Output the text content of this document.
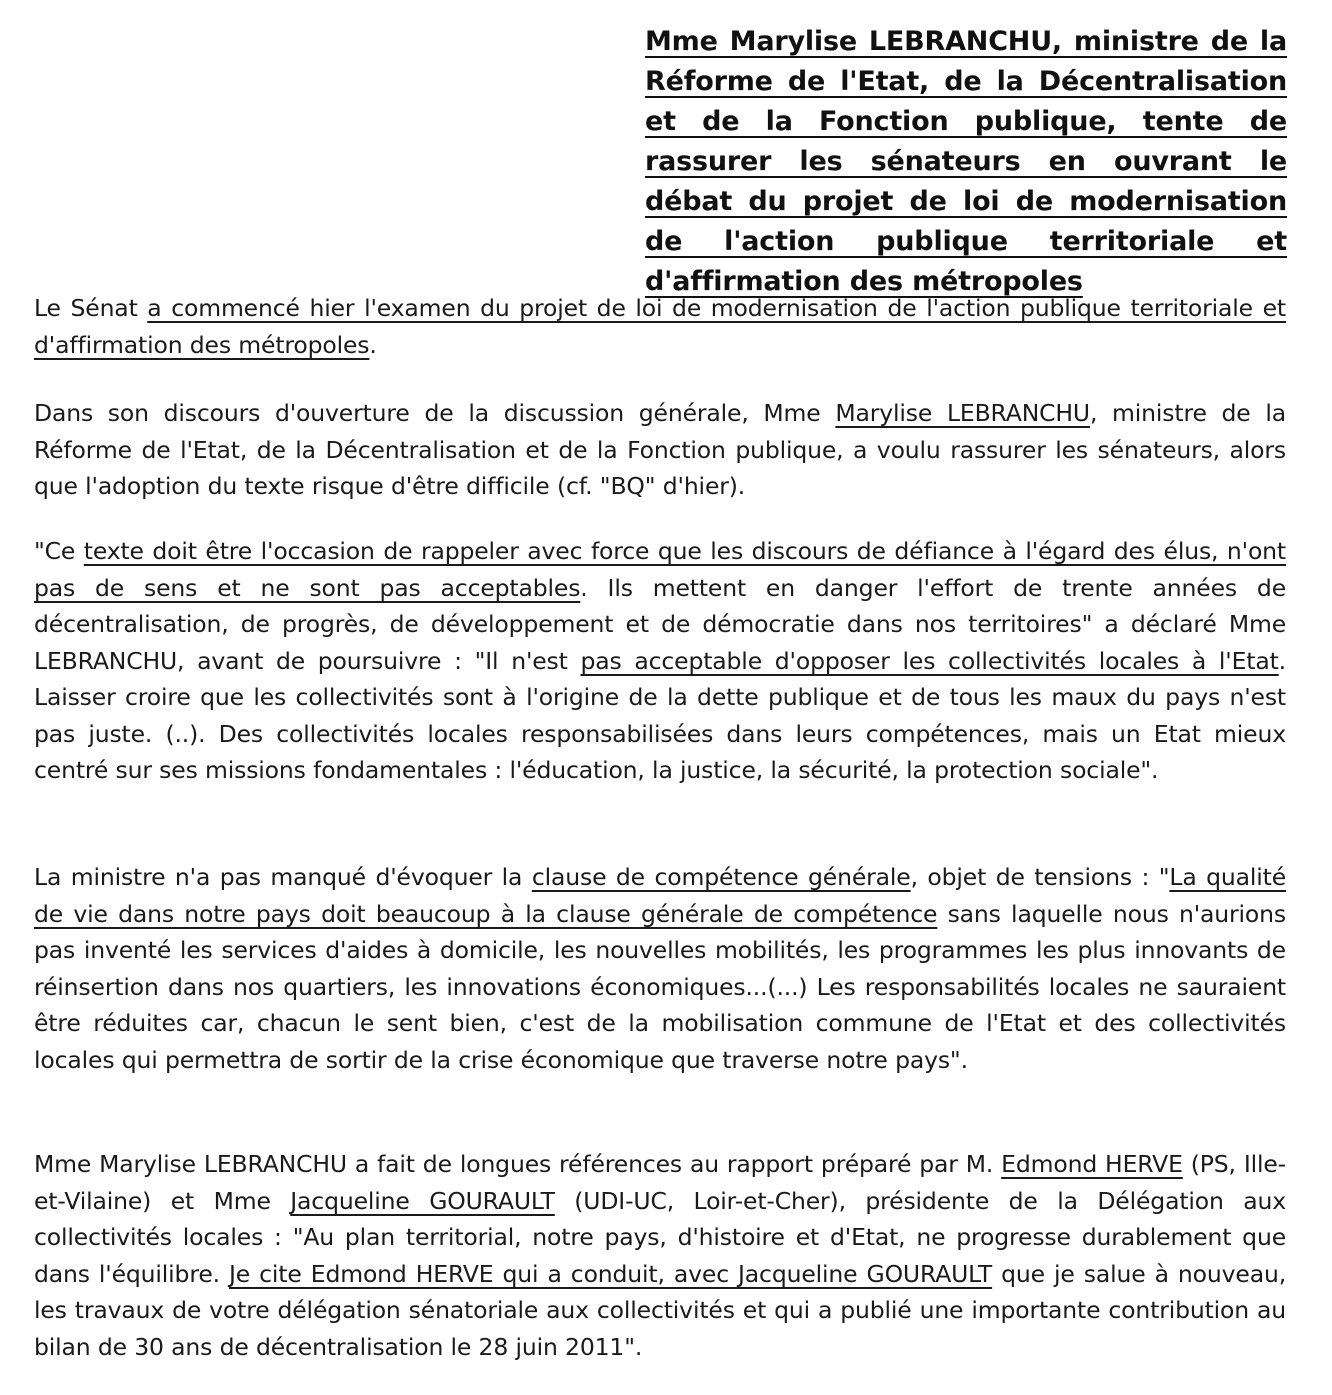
Mme Marylise LEBRANCHU, ministre de la Réforme de l'Etat, de la Décentralisation et de la Fonction publique, tente de rassurer les sénateurs en ouvrant le débat du projet de loi de modernisation de l'action publique territoriale et d'affirmation des métropoles

Le Sénat a commencé hier l'examen du projet de loi de modernisation de l'action publique territoriale et d'affirmation des métropoles.

Dans son discours d'ouverture de la discussion générale, Mme Marylise LEBRANCHU, ministre de la Réforme de l'Etat, de la Décentralisation et de la Fonction publique, a voulu rassurer les sénateurs, alors que l'adoption du texte risque d'être difficile (cf. "BQ" d'hier).

"Ce texte doit être l'occasion de rappeler avec force que les discours de défiance à l'égard des élus, n'ont pas de sens et ne sont pas acceptables. Ils mettent en danger l'effort de trente années de décentralisation, de progrès, de développement et de démocratie dans nos territoires" a déclaré Mme LEBRANCHU, avant de poursuivre : "Il n'est pas acceptable d'opposer les collectivités locales à l'Etat. Laisser croire que les collectivités sont à l'origine de la dette publique et de tous les maux du pays n'est pas juste. (..). Des collectivités locales responsabilisées dans leurs compétences, mais un Etat mieux centré sur ses missions fondamentales : l'éducation, la justice, la sécurité, la protection sociale".

La ministre n'a pas manqué d'évoquer la clause de compétence générale, objet de tensions : "La qualité de vie dans notre pays doit beaucoup à la clause générale de compétence sans laquelle nous n'aurions pas inventé les services d'aides à domicile, les nouvelles mobilités, les programmes les plus innovants de réinsertion dans nos quartiers, les innovations économiques...(...) Les responsabilités locales ne sauraient être réduites car, chacun le sent bien, c'est de la mobilisation commune de l'Etat et des collectivités locales qui permettra de sortir de la crise économique que traverse notre pays".

Mme Marylise LEBRANCHU a fait de longues références au rapport préparé par M. Edmond HERVE (PS, Ille-et-Vilaine) et Mme Jacqueline GOURAULT (UDI-UC, Loir-et-Cher), présidente de la Délégation aux collectivités locales : "Au plan territorial, notre pays, d'histoire et d'Etat, ne progresse durablement que dans l'équilibre. Je cite Edmond HERVE qui a conduit, avec Jacqueline GOURAULT que je salue à nouveau, les travaux de votre délégation sénatoriale aux collectivités et qui a publié une importante contribution au bilan de 30 ans de décentralisation le 28 juin 2011".
